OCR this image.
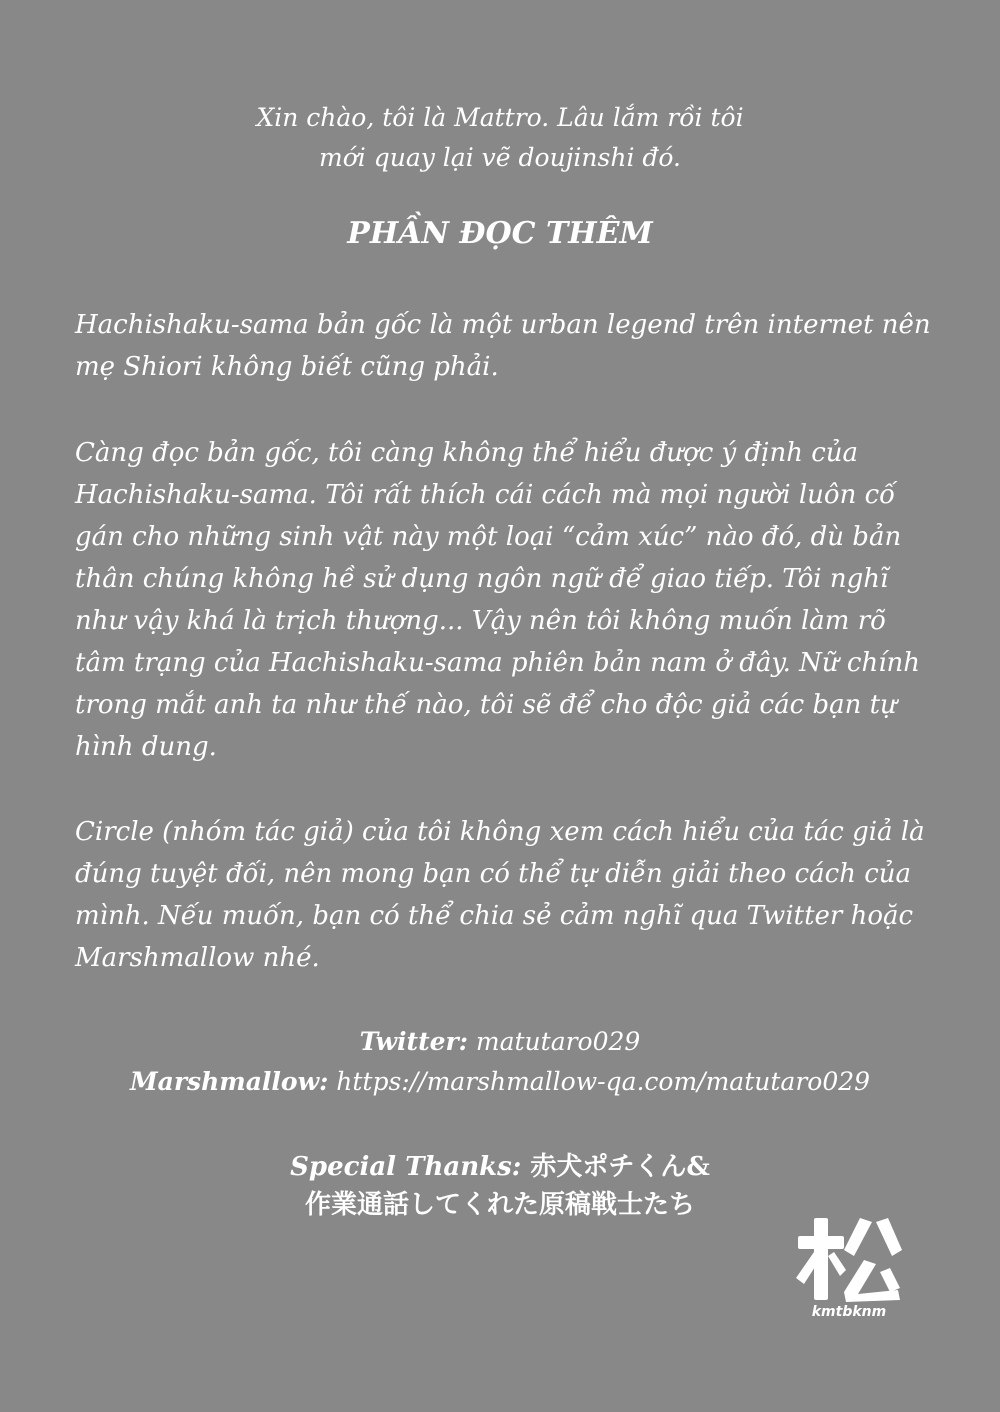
Xin chào, tôi là Mattro. Lâu lắm rồi tôi
mới quay lại vẽ doujinshi đó.
PHẦN ĐỌC THÊM
Hachishaku-sama bản gốc là một urban legend trên internet nên
mẹ Shiori không biết cũng phải.
Càng đọc bản gốc, tôi càng không thể hiểu được ý định của
Hachishaku-sama. Tôi rất thích cái cách mà mọi người luôn cố
gán cho những sinh vật này một loại “cảm xúc” nào đó, dù bản
thân chúng không hề sử dụng ngôn ngữ để giao tiếp. Tôi nghĩ
như vậy khá là trịch thượng... Vậy nên tôi không muốn làm rõ
tâm trạng của Hachishaku-sama phiên bản nam ở đây. Nữ chính
trong mắt anh ta như thế nào, tôi sẽ để cho độc giả các bạn tự
hình dung.
Circle (nhóm tác giả) của tôi không xem cách hiểu của tác giả là
đúng tuyệt đối, nên mong bạn có thể tự diễn giải theo cách của
mình. Nếu muốn, bạn có thể chia sẻ cảm nghĩ qua Twitter hoặc
Marshmallow nhé.
Twitter: matutaro029
Marshmallow: https://marshmallow-qa.com/matutaro029
Special Thanks: 赤犬ポチくん&
作業通話してくれた原稿戦士たち
kmtbknm
